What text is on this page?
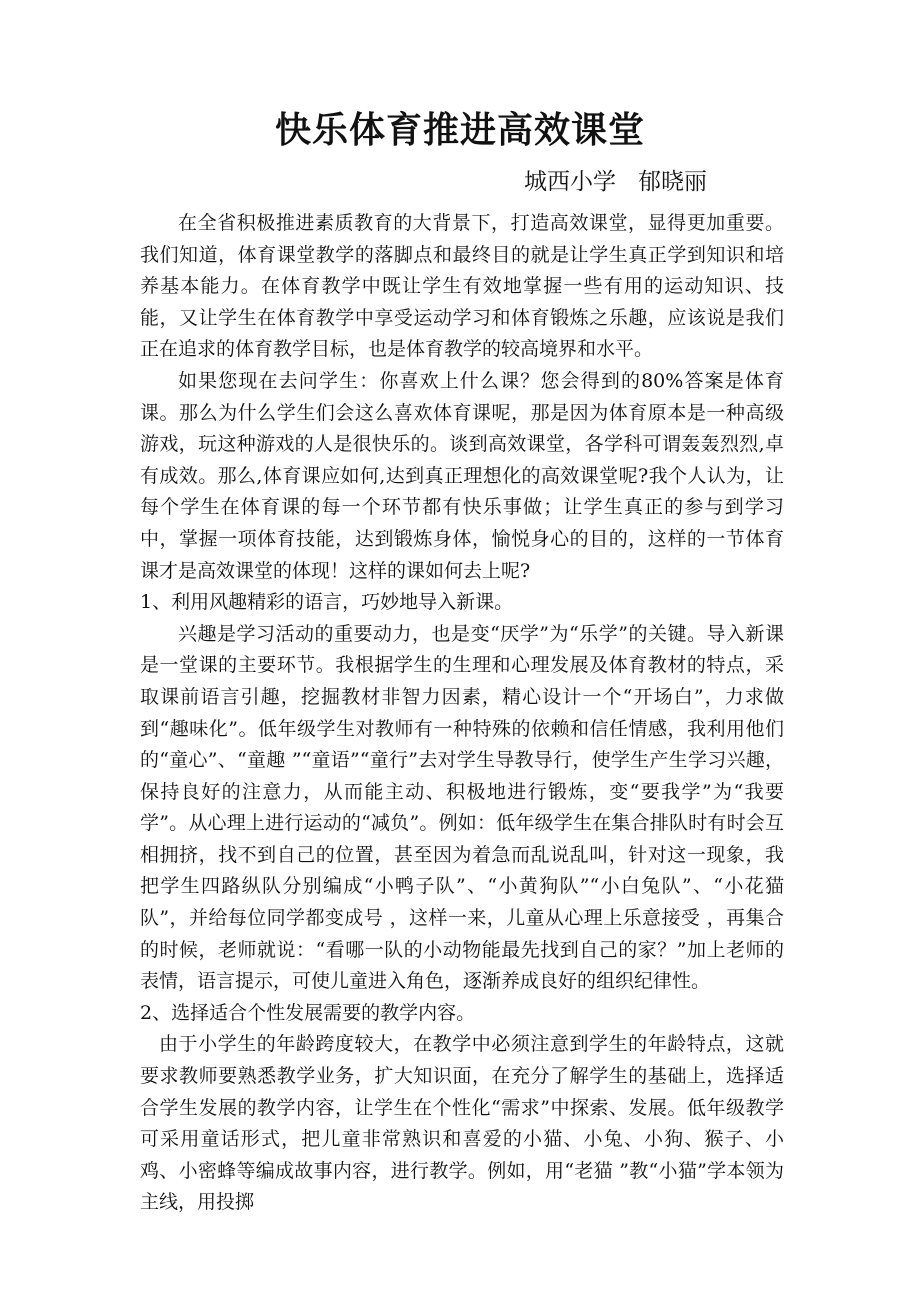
快乐体育推进高效课堂
城西小学 郁晓丽

在全省积极推进素质教育的大背景下，打造高效课堂，显得更加重要。我们知道，体育课堂教学的落脚点和最终目的就是让学生真正学到知识和培养基本能力。在体育教学中既让学生有效地掌握一些有用的运动知识、技能，又让学生在体育教学中享受运动学习和体育锻炼之乐趣，应该说是我们正在追求的体育教学目标，也是体育教学的较高境界和水平。

如果您现在去问学生：你喜欢上什么课？您会得到的80%答案是体育课。那么为什么学生们会这么喜欢体育课呢，那是因为体育原本是一种高级游戏，玩这种游戏的人是很快乐的。谈到高效课堂，各学科可谓轰轰烈烈,卓有成效。那么,体育课应如何,达到真正理想化的高效课堂呢?我个人认为，让每个学生在体育课的每一个环节都有快乐事做；让学生真正的参与到学习中，掌握一项体育技能，达到锻炼身体，愉悦身心的目的，这样的一节体育课才是高效课堂的体现！这样的课如何去上呢?

1、利用风趣精彩的语言，巧妙地导入新课。

兴趣是学习活动的重要动力，也是变“厌学”为“乐学”的关键。导入新课是一堂课的主要环节。我根据学生的生理和心理发展及体育教材的特点，采取课前语言引趣，挖掘教材非智力因素，精心设计一个“开场白”，力求做到“趣味化”。低年级学生对教师有一种特殊的依赖和信任情感，我利用他们的“童心”、“童趣 ”“童语”“童行”去对学生导教导行，使学生产生学习兴趣，保持良好的注意力，从而能主动、积极地进行锻炼，变“要我学”为“我要学”。从心理上进行运动的“减负”。例如：低年级学生在集合排队时有时会互相拥挤，找不到自己的位置，甚至因为着急而乱说乱叫，针对这一现象，我把学生四路纵队分别编成“小鸭子队”、“小黄狗队”“小白兔队”、“小花猫队”，并给每位同学都变成号 ，这样一来，儿童从心理上乐意接受 ，再集合的时候，老师就说：“看哪一队的小动物能最先找到自己的家？”加上老师的表情，语言提示，可使儿童进入角色，逐渐养成良好的组织纪律性。

2、选择适合个性发展需要的教学内容。

由于小学生的年龄跨度较大，在教学中必须注意到学生的年龄特点，这就要求教师要熟悉教学业务，扩大知识面，在充分了解学生的基础上，选择适合学生发展的教学内容，让学生在个性化“需求”中探索、发展。低年级教学可采用童话形式，把儿童非常熟识和喜爱的小猫、小兔、小狗、猴子、小鸡、小密蜂等编成故事内容，进行教学。例如，用“老猫 ”教“小猫”学本领为主线，用投掷
